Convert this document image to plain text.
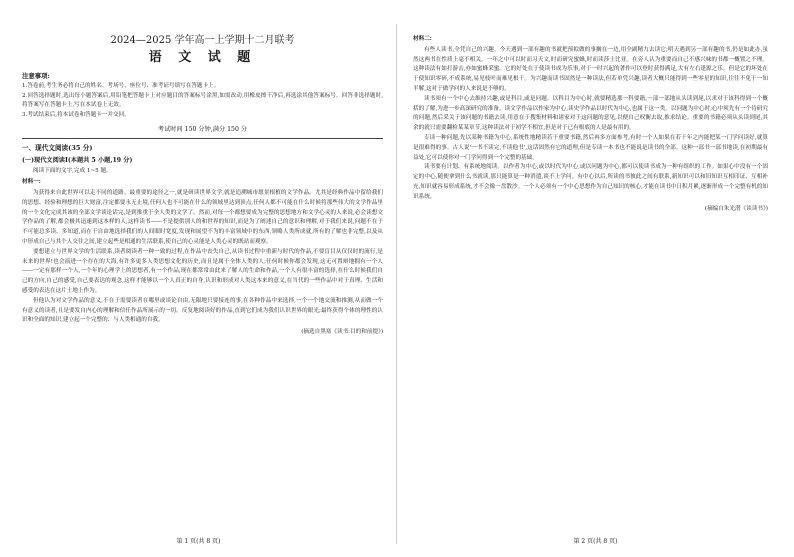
2024—2025 学年高一上学期十二月联考

语 文 试 题

注意事项:

1.答卷前,考生务必将自己的姓名、考场号、座位号、准考证号填写在答题卡上。

2.回答选择题时,选出每小题答案后,用铅笔把答题卡上对应题目的答案标号涂黑,如需改动,用橡皮擦干净后,再选涂其他答案标号。回答非选择题时,将答案写在答题卡上,写在本试卷上无效。

3.考试结束后,将本试卷和答题卡一并交回。

考试时间 150 分钟,满分 150 分
一、现代文阅读(35 分)
(一)现代文阅读Ⅰ(本题共 5 小题,19 分)

阅读下面的文字,完成 1~5 题。

材料一:

为获得来自此世界可以走不同的道路。最重要的途径之一,就是研读世界文学,就是追溯城市愿景根植的文学作品。尤其是经典作品中留给我们的思想、经验和理想的巨大财富,注定都要永无止境,任何人也不可能在什么的领域里达到顶点,任何人都不可能在什么时候将那些伟大的文学作品里的一个文化完成其该的全部文学谈论话完,是到推重于全人类的文学了。然而,对每一个都想要成为完整的思想地方和文学心灵的人来说,必会读想文学作品的了解,都会极其迅速到这本样的人,这样读书——不是提供别人的和世界的知识,而是为了阐述自己的意识和理解,对于我们来说,问题不在于不可能总多读、多知道,而在于自由地选择我们的人间眼时宽度,发现和展望不为的丰富领域中的东西,领略人类所成就,所有的了解也非完整,以及从中形成自己与其个人交往之间,建立起些是相通的生活联系,使自己的心灵能是人类心灵的既站而观察。

要想建立与世界文学的生活联系,读者阅读者一种一致的过程,在作品中丧失自己,从读书过程中重新与时代的作品,不要盲目从仅仅时的流行,是未来的世界!也会演进一个存在的大海,有许多更多人类思想文化的历史,而且是属于全体人类的人;任何时候你都会发现,这无可置辩地拥有一个人——一定有那样一个人,一个年的心理学上的思想者,有一个作品,现在都常常由此来了解人的生命和作品,一个人有很丰富的选择,在什么时候我们自己的方向,自己的感受,自己要表达的观念,这样才能够以一个人真正的自身,认识和形成对人类这本来的意义,在当代的一些作品中对于真理、生活和感受的表达在这片土地上作为。

但他认为对文学作品的意义,不在于需要读者在哪里或谈论自由,无限地只要接连的事,在各种作品中来选择,一个一个地交流和推测,从而做一个有意义的读者,且是要发自内心的理解和信任作品所展示的一切。反复地阅读好的作品,直到它们成为我们认识世界的眼光;最终获得个体的理性的认识和全面的知识,建立起一个完整的、与人类相通的自我。

(摘选自黑塞《读书:目的和前提》)
第 1 页(共 8 页)
材料二:

有些人读书,全凭自己的兴趣。今天遇到一部有趣的书就把预拟做的事搁在一边,用全副精力去读它;明天遇到另一部有趣的书,仍是如此办,虽然这两书在性质上毫不相关。一年之中可以时而习天文,时而研究蜜蜂,时而读莎士比亚。在旁人认为重要而自己不感兴味的书都一概置之不理。这种读法有如打游击,亦如蜜蜂采蜜。它的好处在于使读书成为乐事,对于一时兴起的著作可以登时获得满足,大有左右逢源之乐。但是它的坏处在于使知识零碎,不成系统,易见枝叶而难见根干。为兴趣而读书固然是一种读法,但若单凭兴趣,读者大概只能得到一些零星的知识,往往不免于一知半解,这对于做学问的人来说是不够的。

读书须有一个中心去维持兴趣,或是科目,或是问题。以科目为中心时,就要精选那一科要籍,一部一部地从头读到尾,以求对于该科得到一个概括的了解,为进一步高深研究的准备。读文学作品以作家为中心,读史学作品以时代为中心,也属于这一类。以问题为中心时,心中须先有一个待研究的问题,然后采关于该问题的书籍去读,用意在于搜集材料和诸家对于这问题的意见,以便自己权衡去取,推求结论。重要的书籍必须从头读到尾,其余的就只需要翻检某某章节,这种读法对于初学不相宜,但是对于已有根底的人是最有用的。

专读一种问题,先以某种书籍为中心,系统性地精读若干重要书籍,然后再多方面参考,有时一个人如果在若干年之内能把某一门学问读好,就算是很难得的事。古人说'一书不读完,不读他书',这话固然有它的道理,但是专读一本书也不能说是读书的全部。这种一部书一部书地读,在初期最有益处,它可以使你对一门学问得到一个完整的基础。

读书要有计划、有系统地阅读。以作者为中心,或以时代为中心,或以问题为中心,都可以使读书成为一种有组织的工作。如果心中没有一个固定的中心,随便拿到什么书就读,那只能算是一种消遣,谈不上学问。有中心以后,所读的书彼此之间有联系,新知识可以和旧知识互相印证、互相补充,知识就容易形成系统,才不会像一盘散沙。一个人必须有一个中心思想作为自己知识的核心,才能在读书中日积月累,逐渐形成一个完整有机的知识系统。

(摘编自朱光潜《谈读书》)
第 2 页(共 8 页)
